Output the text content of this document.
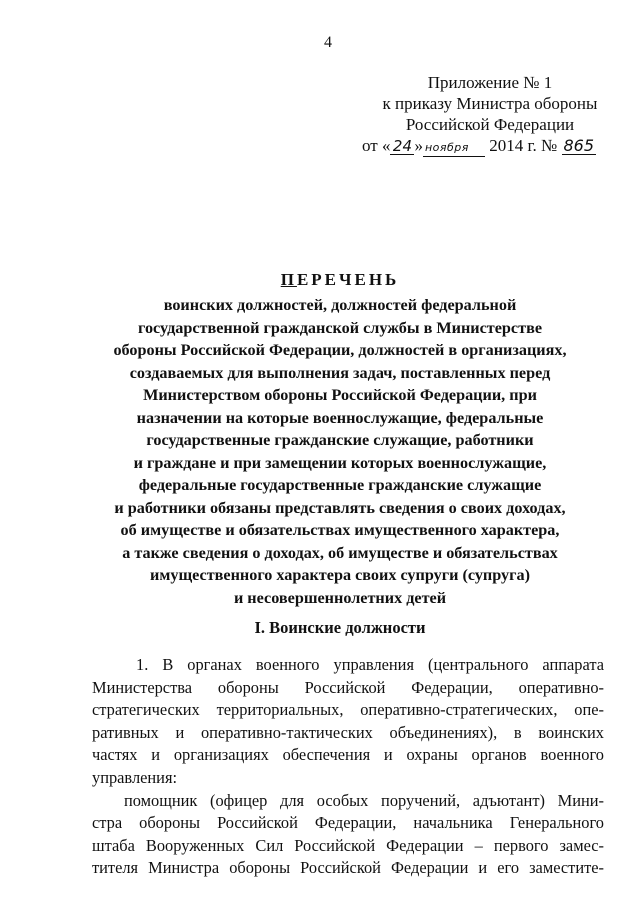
4
Приложение № 1
к приказу Министра обороны
Российской Федерации
от « 24 » ноября 2014 г. № 865
ПЕРЕЧЕНЬ
воинских должностей, должностей федеральной
государственной гражданской службы в Министерстве
обороны Российской Федерации, должностей в организациях,
создаваемых для выполнения задач, поставленных перед
Министерством обороны Российской Федерации, при
назначении на которые военнослужащие, федеральные
государственные гражданские служащие, работники
и граждане и при замещении которых военнослужащие,
федеральные государственные гражданские служащие
и работники обязаны представлять сведения о своих доходах,
об имуществе и обязательствах имущественного характера,
а также сведения о доходах, об имуществе и обязательствах
имущественного характера своих супруги (супруга)
и несовершеннолетних детей
I. Воинские должности
1. В органах военного управления (центрального аппарата
Министерства обороны Российской Федерации, оперативно-
стратегических территориальных, оперативно-стратегических, опе-
ративных и оперативно-тактических объединениях), в воинских
частях и организациях обеспечения и охраны органов военного
управления:
помощник (офицер для особых поручений, адъютант) Мини-
стра обороны Российской Федерации, начальника Генерального
штаба Вооруженных Сил Российской Федерации – первого замес-
тителя Министра обороны Российской Федерации и его заместите-
